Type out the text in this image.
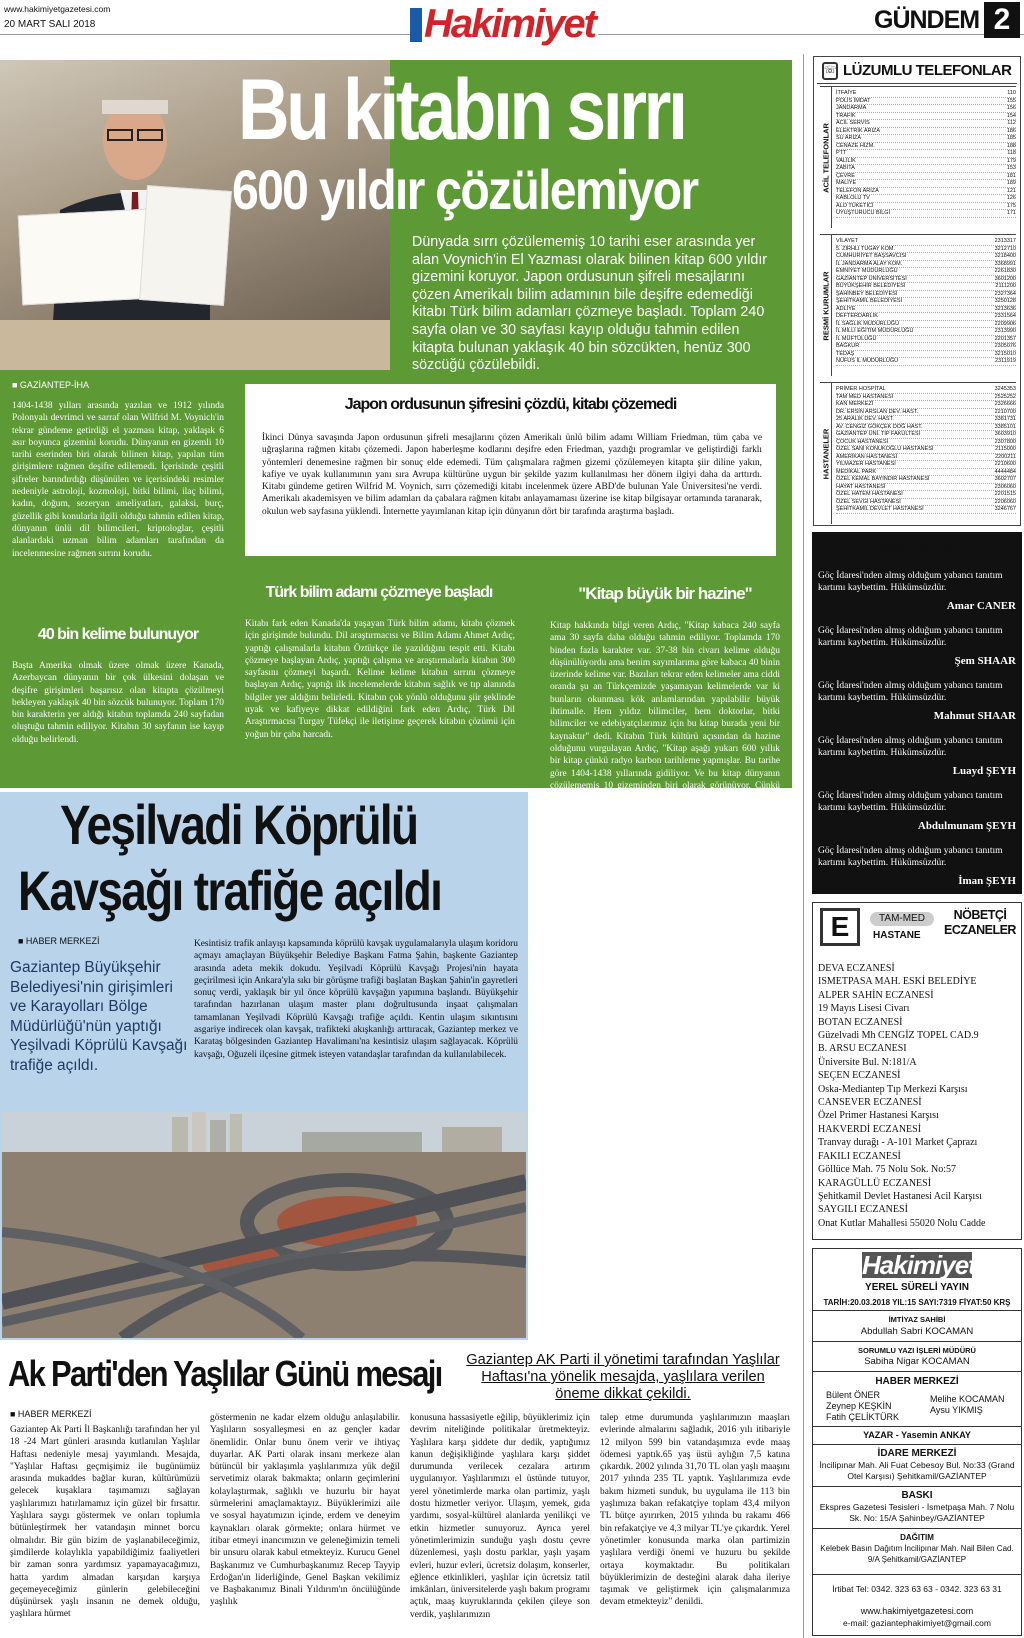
www.hakimiyetgazetesi.com
20 MART SALI 2018	Hakimiyet	GÜNDEM 2
Bu kitabın sırrı
600 yıldır çözülemiyor
Dünyada sırrı çözülememiş 10 tarihi eser arasında yer alan Voynich'in El Yazması olarak bilinen kitap 600 yıldır gizemini koruyor. Japon ordusunun şifreli mesajlarını çözen Amerikalı bilim adamının bile deşifre edemediği kitabı Türk bilim adamları çözmeye başladı. Toplam 240 sayfa olan ve 30 sayfası kayıp olduğu tahmin edilen kitapta bulunan yaklaşık 40 bin sözcükten, henüz 300 sözcüğü çözülebildi.
■ GAZİANTEP-İHA

1404-1438 yılları arasında yazılan ve 1912 yılında Polonyalı devrimci ve sarraf olan Wilfrid M. Voynich'in tekrar gündeme getirdiği el yazması kitap, yaklaşık 6 asır boyunca gizemini korudu. Dünyanın en gizemli 10 tarihi eserinden biri olarak bilinen kitap, yapılan tüm girişimlere rağmen deşifre edilemedi. İçerisinde çeşitli şifreler barındırdığı düşünülen ve içerisindeki resimler nedeniyle astroloji, kozmoloji, bitki bilimi, ilaç bilimi, kadın, doğum, sezeryan ameliyatları, galaksi, burç, güzellik gibi konularla ilgili olduğu tahmin edilen kitap, dünyanın ünlü dil bilimcileri, kriptologlar, çeşitli alanlardaki uzman bilim adamları tarafından da incelenmesine rağmen sırrını korudu.

40 bin kelime bulunuyor

Başta Amerika olmak üzere olmak üzere Kanada, Azerbaycan dünyanın bir çok ülkesini dolaşan ve deşifre girişimleri başarısız olan kitapta çözülmeyi bekleyen yaklaşık 40 bin sözcük bulunuyor. Toplam 170 bin karakterin yer aldığı kitabın toplamda 240 sayfadan oluştuğu tahmin ediliyor. Kitabın 30 sayfanın ise kayıp olduğu belirlendi.

Japon ordusunun şifresini çözdü, kitabı çözemedi

İkinci Dünya savaşında Japon ordusunun şifreli mesajlarını çözen Amerikalı ünlü bilim adamı William Friedman, tüm çaba ve uğraşlarına rağmen kitabı çözemedi. Japon haberleşme kodlarını deşifre eden Friedman, yazdığı programlar ve geliştirdiği farklı yöntemleri denemesine rağmen bir sonuç elde edemedi. Tüm çalışmalara rağmen gizemi çözülemeyen kitapta şiir diline yakın, kafiye ve uyak kullanımının yanı sıra Avrupa kültürüne uygun bir şekilde yazım kullanılması her dönem ilgiyi daha da arttırdı. Kitabı gündeme getiren Wilfrid M. Voynich, sırrı çözemediği kitabı incelenmek üzere ABD'de bulunan Yale Üniversitesi'ne verdi. Amerikalı akademisyen ve bilim adamları da çabalara rağmen kitabı anlayamaması üzerine ise kitap bilgisayar ortamında taranarak, okulun web sayfasına yüklendi. İnternette yayımlanan kitap için dünyanın dört bir tarafında araştırma başladı.

Türk bilim adamı çözmeye başladı

Kitabı fark eden Kanada'da yaşayan Türk bilim adamı, kitabı çözmek için girişimde bulundu. Dil araştırmacısı ve Bilim Adamı Ahmet Ardıç, yaptığı çalışmalarla kitabın Öztürkçe ile yazıldığını tespit etti. Kitabı çözmeye başlayan Ardıç, yaptığı çalışma ve araştırmalarla kitabın 300 sayfasını çözmeyi başardı. Kelime kelime kitabın sırrını çözmeye başlayan Ardıç, yaptığı ilk incelemelerde kitabın sağlık ve tıp alanında bilgiler yer aldığını belirledi. Kitabın çok yönlü olduğunu şiir şeklinde uyak ve kafiyeye dikkat edildiğini fark eden Ardıç, Türk Dil Araştırmacısı Turgay Tüfekçi ile iletişime geçerek kitabın çözümü için yoğun bir çaba harcadı.

"Kitap büyük bir hazine"

Kitap hakkında bilgi veren Ardıç, "Kitap kabaca 240 sayfa ama 30 sayfa daha olduğu tahmin ediliyor. Toplamda 170 binden fazla karakter var. 37-38 bin civarı kelime olduğu düşünülüyordu ama benim sayımlarıma göre kabaca 40 binin üzerinde kelime var. Bazıları tekrar eden kelimeler ama ciddi oranda şu an Türkçemizde yaşamayan kelimelerde var ki bunların okunması kök anlamlarından yapılabilir büyük ihtimalle. Hem yıldız bilimciler, hem doktorlar, bitki bilimciler ve edebiyatçılarımız için bu kitap burada yeni bir kaynaktır" dedi. Kitabın Türk kültürü açısından da hazine olduğunu vurgulayan Ardıç, "Kitap aşağı yukarı 600 yıllık bir kitap çünkü radyo karbon tarihleme yapmışlar. Bu tarihe göre 1404-1438 yıllarında gidiliyor. Ve bu kitap dünyanın çözülememiş 10 gizeminden biri olarak görünüyor. Çünkü yüzyıldır bilimsel komiteler, üniversiteler ve hatta Amerika'da haberleşme kodlarını çözen ekipleri bir süre gizli olarak ve 2000'li yıllardan sonra o gizliliği kaldırıp internete açtıklarında ameliyat ki, çözmeye çalışmışlar. Şimdi bu kitapta tıp ve jinekoloji var. Aynı zamanda çok sayıda hamile kadınların resimleri çizilmiş. Ve üzerindeki resimlerde hamile bir kadının ameliyat olduğu düşünülüyor. Bir sayfada bazı kelimeler bulduk ve bu kelimeler şunu gösterdi kesin olarak söyleyebilirim ki, normal yollardan doğmayan bir çocuğu buğün sezeryan denilen yöntemle çocuğu almışlar bir sayfada ondan bahsediliyor. Aynı sayfada yine 'Abort' diye bir kelime geçiyor. Bu kelime Türkçe kökleri olan 'abarma' kelimesinin kökünden geliyor aşırı büyümüş anlamına geliyor. Yani 'abort' aşırı büyümüş olanı kesip almak ve onarmak anlamına gelir. Halbuki o tarihlerde dikiş yapılmıyordu. En eski bilinen sezeryan yöntemlerinde çocuğu alıp kadını ölüme bırakıyorlardı. Bu kitabın yazarı kadınlara tavsiyelerde bulunuyor. Kadınlara, 'Sizler çok yemek yediğiniz zaman erkek çocuk olacağına inanıyorsunuz ama bu aslında böyle olmuyor. Çocuk çok aşırı büyüdüğü için normal yollardan alamıyoruz. O yüzden kesip almak zorunda kalıyoruz' diyor. Mesela yine bu sayfada 'Piçici bilgisi' denilen bir şey var. Bu da kesme işlemini yapan kişinin bilgisi demektir. Orada aleti çok derin saplarsan çocuğun yaralanabileceğini anlatıyor. Bugün doktorların bildiği ve o dönemde yapılmış bir çalışmayı ve sonuçlarını yazmış. Bu çok yönlü bir kitaptır. Tıp bilimini ve bilim adamlarını ilgilendiren kitapta bir çok sayfa şiir formunda yazılmış uyak ve kafiyeler var. Bu yüzden edebiyatçılarımızı da ilgilendiriyor. Bu kitabın Türk kültürü açısından çok büyük bir hazine olduğunu düşünüyorum" diye konuştu.

Yeşilvadi Köprülü
Kavşağı trafiğe açıldı
■ HABER MERKEZİ
Gaziantep Büyükşehir Belediyesi'nin girişimleri ve Karayolları Bölge Müdürlüğü'nün yaptığı Yeşilvadi Köprülü Kavşağı trafiğe açıldı.

Kesintisiz trafik anlayışı kapsamında köprülü kavşak uygulamalarıyla ulaşım koridoru açmayı amaçlayan Büyükşehir Belediye Başkanı Fatma Şahin, başkente Gaziantep arasında adeta mekik dokudu. Yeşilvadi Köprülü Kavşağı Projesi'nin hayata geçirilmesi için Ankara'yla sıkı bir görüşme trafiği başlatan Başkan Şahin'in gayretleri sonuç verdi, yaklaşık bir yıl önce köprülü kavşağın yapımına başlandı. Büyükşehir tarafından hazırlanan ulaşım master planı doğrultusunda inşaat çalışmaları tamamlanan Yeşilvadi Köprülü Kavşağı trafiğe açıldı. Kentin ulaşım sıkıntısını asgariye indirecek olan kavşak, trafikteki akışkanlığı arttıracak, Gaziantep merkez ve Karataş bölgesinden Gaziantep Havalimanı'na kesintisiz ulaşım sağlayacak. Köprülü kavşağı, Oğuzeli ilçesine gitmek isteyen vatandaşlar tarafından da kullanılabilecek.

Ak Parti'den Yaşlılar Günü mesajı	Gaziantep AK Parti il yönetimi tarafından Yaşlılar Haftası'na yönelik mesajda, yaşlılara verilen öneme dikkat çekildi.
■ HABER MERKEZİ

Gaziantep Ak Parti İl Başkanlığı tarafından her yıl 18 -24 Mart günleri arasında kutlanılan Yaşlılar Haftası nedeniyle mesaj yayımlandı. Mesajda, "Yaşlılar Haftası geçmişimiz ile bugünümüz arasında mukaddes bağlar kuran, kültürümüzü gelecek kuşaklara taşımamızı sağlayan yaşlılarımızı hatırlamamız için güzel bir fırsattır. Yaşlılara saygı göstermek ve onları toplumla bütünleştirmek her vatandaşın minnet borcu olmalıdır. Bir gün bizim de yaşlanabileceğimiz, şimdilerde kolaylıkla yapabildiğimiz faaliyetleri bir zaman sonra yardımsız yapamayacağımızı, hatta yardım almadan karşıdan karşıya geçemeyeceğimiz günlerin gelebileceğini düşünürsek yaşlı insanın ne demek olduğu, yaşlılara hürmet

göstermenin ne kadar elzem olduğu anlaşılabilir. Yaşlıların sosyalleşmesi en az gençler kadar önemlidir. Onlar bunu önem verir ve ihtiyaç duyarlar. AK Parti olarak insanı merkeze alan bütüncül bir yaklaşımla yaşlılarımıza yük değil servetimiz olarak bakmakta; onların geçimlerini kolaylaştırmak, sağlıklı ve huzurlu bir hayat sürmelerini amaçlamaktayız. Büyüklerimizi aile ve sosyal hayatımızın içinde, erdem ve deneyim kaynakları olarak görmekte; onlara hürmet ve itibar etmeyi inancımızın ve geleneğimizin temeli bir unsuru olarak kabul etmekteyiz. Kurucu Genel Başkanımız ve Cumhurbaşkanımız Recep Tayyip Erdoğan'ın liderliğinde, Genel Başkan vekilimiz ve Başbakanımız Binali Yıldırım'ın öncülüğünde yaşlılık

konusuna hassasiyetle eğilip, büyüklerimiz için devrim niteliğinde politikalar üretmekteyiz. Yaşlılara karşı şiddete dur dedik, yaptığımız kanun değişikliğinde yaşlılara karşı şiddet durumunda verilecek cezalara artırım uygulanıyor. Yaşlılarımızı el üstünde tutuyor, yerel yönetimlerde marka olan partimiz, yaşlı dostu hizmetler veriyor. Ulaşım, yemek, gıda yardımı, sosyal-kültürel alanlarda yenilikçi ve etkin hizmetler sunuyoruz. Ayrıca yerel yönetimlerimizin sunduğu yaşlı dostu çevre düzenlemesi, yaşlı dostu parklar, yaşlı yaşam evleri, huzur evleri, ücretsiz dolaşım, konserler, eğlence etkinlikleri, yaşlılar için ücretsiz tatil imkânları, üniversitelerde yaşlı bakım programı açtık, maaş kuyruklarında çekilen çileye son verdik, yaşlılarımızın

talep etme durumunda yaşlılarımızın maaşları evlerinde almalarını sağladık, 2016 yılı itibariyle 12 milyon 599 bin vatandaşımıza evde maaş ödemesi yaptık.65 yaş üstü aylığın 7,5 katına çıkardık. 2002 yılında 31,70 TL olan yaşlı maaşını 2017 yılında 235 TL yaptık. Yaşlılarımıza evde bakım hizmeti sunduk, bu uygulama ile 113 bin yaşlımıza bakan refakatçiye toplam 43,4 milyon TL bütçe ayırırken, 2015 yılında bu rakamı 466 bin refakatçiye ve 4,3 milyar TL'ye çıkardık. Yerel yönetimler konusunda marka olan partimizin yaşlılara verdiği önemi ve huzuru bu şekilde ortaya koymaktadır. Bu politikaları büyüklerimizin de desteğini alarak daha ileriye taşımak ve geliştirmek için çalışmalarımıza devam etmekteyiz" denildi.

LÜZUMLU TELEFONLAR
☏
ACİL TELEFONLAR
İTFAİYE	110
POLİS İMDAT	155
JANDARMA	156
TRAFİK	154
ACİL SERVİS	112
ELEKTRİK ARIZA	186
SU ARIZA	185
CENAZE HİZM.	188
PTT	118
VALİLİK	179
ZABITA	153
ÇEVRE	181
MALİYE	189
TELEFON ARIZA	121
KABLOLU TV	126
ALO TÜKETİCİ	175
UYUŞTURUCU BİLGİ	171
RESMİ KURUMLAR
VİLAYET	2313317
5. ZIRHLI TUGAY KOM.	3212710
CUMHURİYET BAŞSAVCISI	3218400
İL JANDARMA ALAY KOM.	3368991
EMNİYET MÜDÜRLÜĞÜ	2261830
GAZİANTEP ÜNİVERSİTESİ	3601200
BÜYÜKŞEHİR BELEDİYESİ	2111200
ŞAHİNBEY BELEDİYESİ	2327364
ŞEHİTKAMİL BELEDİYESİ	3250128
ADLİYE	3213636
DEFTERDARLIK	2331564
İL SAĞLIK MÜDÜRLÜĞÜ	2209906
İL MİLLİ EĞİTİM MÜDÜRLÜĞÜ	2313990
İL MÜFTÜLÜĞÜ	2201357
BAĞKUR	2305076
TEDAŞ	3215010
NÜFUS İL MÜDÜRLÜĞÜ	2311919
HASTANELER
PRİMER HOSPİTAL	3245353
TAM MED HASTANESİ	2525252
KAN MERKEZİ	2326666
DR. ERSİN ARSLAN DEV. HAST.	2210700
25 ARALIK DEV. HAST.	3381731
AV. CENGİZ GÖKÇEK DOĞ HAST.	3385101
GAZİANTEP ÜNİ. TIP FAKÜLTESİ	3603910
ÇOCUK HASTANESİ	2307800
ÖZEL SANİ KONUKOĞLU HASTANESİ	2115000
AMERİKAN HASTANESİ	2200211
YILMAZER HASTANESİ	2210600
MEDİKAL PARK	4444484
ÖZEL KEMAL BAYINDIR HASTANESİ	3602707
HAYAT HASTANESİ	2306060
ÖZEL HATEM HASTANESİ	2201515
ÖZEL SEVGİ HASTANESİ	2206060
ŞEHİTKAMİL DEVLET HASTANESİ	3246767
ZAYİ İLANI
Göç İdaresi'nden almış olduğum yabancı tanıtım kartımı kaybettim. Hükümsüzdür.
Amar CANER
Göç İdaresi'nden almış olduğum yabancı tanıtım kartımı kaybettim. Hükümsüzdür.
Şem SHAAR
Göç İdaresi'nden almış olduğum yabancı tanıtım kartımı kaybettim. Hükümsüzdür.
Mahmut SHAAR
Göç İdaresi'nden almış olduğum yabancı tanıtım kartımı kaybettim. Hükümsüzdür.
Luayd ŞEYH
Göç İdaresi'nden almış olduğum yabancı tanıtım kartımı kaybettim. Hükümsüzdür.
Abdulmunam ŞEYH
Göç İdaresi'nden almış olduğum yabancı tanıtım kartımı kaybettim. Hükümsüzdür.
İman ŞEYH
E	TAM-MED
HASTANE
NÖBETÇİ ECZANELER
DEVA ECZANESİ
ISMETPASA MAH. ESKİ BELEDİYE
ALPER SAHİN ECZANESİ
19 Mayıs Lisesi Civarı
BOTAN ECZANESİ
Güzelvadi Mh CENGİZ TOPEL CAD.9
B. ARSU ECZANESI
Üniversite Bul. N:181/A
SEÇEN ECZANESİ
Oska-Mediantep Tıp Merkezi Karşısı
CANSEVER ECZANESİ
Özel Primer Hastanesi Karşısı
HAKVERDİ ECZANESİ
Tranvay durağı - A-101 Market Çaprazı
FAKILI ECZANESİ
Göllüce Mah. 75 Nolu Sok. No:57
KARAGÜLLÜ ECZANESİ
Şehitkamil Devlet Hastanesi Acil Karşısı
SAYGILI ECZANESİ
Onat Kutlar Mahallesi 55020 Nolu Cadde
Hakimiyet
YEREL SÜRELİ YAYIN
TARİH:20.03.2018 YIL:15 SAYI:7319 FİYAT:50 KRŞ
İMTİYAZ SAHİBİ
Abdullah Sabri KOCAMAN
SORUMLU YAZI İŞLERİ MÜDÜRÜ
Sabiha Nigar KOCAMAN
HABER MERKEZİ
Bülent ÖNER	Melihe KOCAMAN
Zeynep KEŞKİN	Aysu YIKMIŞ
Fatih ÇELİKTÜRK
YAZAR - Yasemin ANKAY
İDARE MERKEZİ
İncilipınar Mah. Ali Fuat Cebesoy Bul. No:33 (Grand Otel Karşısı) Şehitkamil/GAZİANTEP
BASKI
Ekspres Gazetesi Tesisleri - İsmetpaşa Mah. 7 Nolu Sk. No: 15/A Şahinbey/GAZİANTEP
DAĞITIM
Kelebek Basın Dağıtım İncilipınar Mah. Nail Bilen Cad. 9/A Şehitkamil/GAZİANTEP
İrtibat Tel: 0342. 323 63 63 - 0342. 323 63 31
www.hakimiyetgazetesi.com
e-mail: gaziantephakimiyet@gmail.com
